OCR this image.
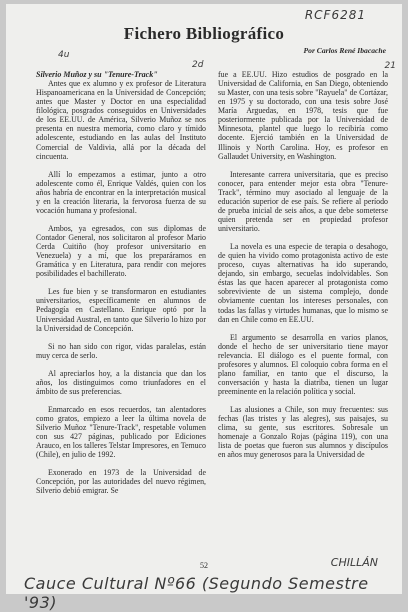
RCF6281
4u
2d	21
Fichero Bibliográfico
Por Carlos René Ibacache

Silverio Muñoz y su "Tenure-Track"

Antes que ex alumno y ex profesor de Literatura Hispanoamericana en la Universidad de Concepción; antes que Master y Doctor en una especialidad filológica, posgrados conseguidos en Universidades de los EE.UU. de América, Silverio Muñoz se nos presenta en nuestra memoria, como claro y tímido adolescente, estudiando en las aulas del Instituto Comercial de Valdivia, allá por la década del cincuenta.

Allí lo empezamos a estimar, junto a otro adolescente como él, Enrique Valdés, quien con los años habría de encontrar en la interpretación musical y en la creación literaria, la fervorosa fuerza de su vocación humana y profesional.

Ambos, ya egresados, con sus diplomas de Contador General, nos solicitaron al profesor Mario Cerda Cuitiño (hoy profesor universitario en Venezuela) y a mí, que los preparáramos en Gramática y en Literatura, para rendir con mejores posibilidades el bachillerato.

Les fue bien y se transformaron en estudiantes universitarios, específicamente en alumnos de Pedagogía en Castellano. Enrique optó por la Universidad Austral, en tanto que Silverio lo hizo por la Universidad de Concepción.

Si no han sido con rigor, vidas paralelas, están muy cerca de serlo.

Al apreciarlos hoy, a la distancia que dan los años, los distinguimos como triunfadores en el ámbito de sus preferencias.

Enmarcado en esos recuerdos, tan alentadores como gratos, empiezo a leer la última novela de Silverio Muñoz "Tenure-Track", respetable volumen con sus 427 páginas, publicado por Ediciones Arauco, en los talleres Telstar Impresores, en Temuco (Chile), en julio de 1992.

Exonerado en 1973 de la Universidad de Concepción, por las autoridades del nuevo régimen, Silverio debió emigrar. Se

fue a EE.UU. Hizo estudios de posgrado en la Universidad de California, en San Diego, obteniendo su Master, con una tesis sobre "Rayuela" de Cortázar, en 1975 y su doctorado, con una tesis sobre José María Arguedas, en 1978, tesis que fue posteriormente publicada por la Universidad de Minnesota, plantel que luego lo recibiría como docente. Ejerció también en la Universidad de Illinois y North Carolina. Hoy, es profesor en Gallaudet University, en Washington.

Interesante carrera universitaria, que es preciso conocer, para entender mejor esta obra "Tenure-Track", término muy asociado al lenguaje de la educación superior de ese país. Se refiere al período de prueba inicial de seis años, a que debe someterse quien pretenda ser en propiedad profesor universitario.

La novela es una especie de terapia o desahogo, de quien ha vivido como protagonista activo de este proceso, cuyas alternativas ha ido superando, dejando, sin embargo, secuelas indolvidables. Son éstas las que hacen aparecer al protagonista como sobreviviente de un sistema complejo, donde obviamente cuentan los intereses personales, con todas las fallas y virtudes humanas, que lo mismo se dan en Chile como en EE.UU.

El argumento se desarrolla en varios planos, donde el hecho de ser universitario tiene mayor relevancia. El diálogo es el puente formal, con profesores y alumnos. El coloquio cobra forma en el plano familiar, en tanto que el discurso, la conversación y hasta la diatriba, tienen un lugar preeminente en la relación política y social.

Las alusiones a Chile, son muy frecuentes: sus fechas (las tristes y las alegres), sus paisajes, su clima, su gente, sus escritores. Sobresale un homenaje a Gonzalo Rojas (página 119), con una lista de poetas que fueron sus alumnos y discípulos en años muy generosos para la Universidad de

52	CHILLÁN
Cauce Cultural Nº66 (Segundo Semestre '93)
